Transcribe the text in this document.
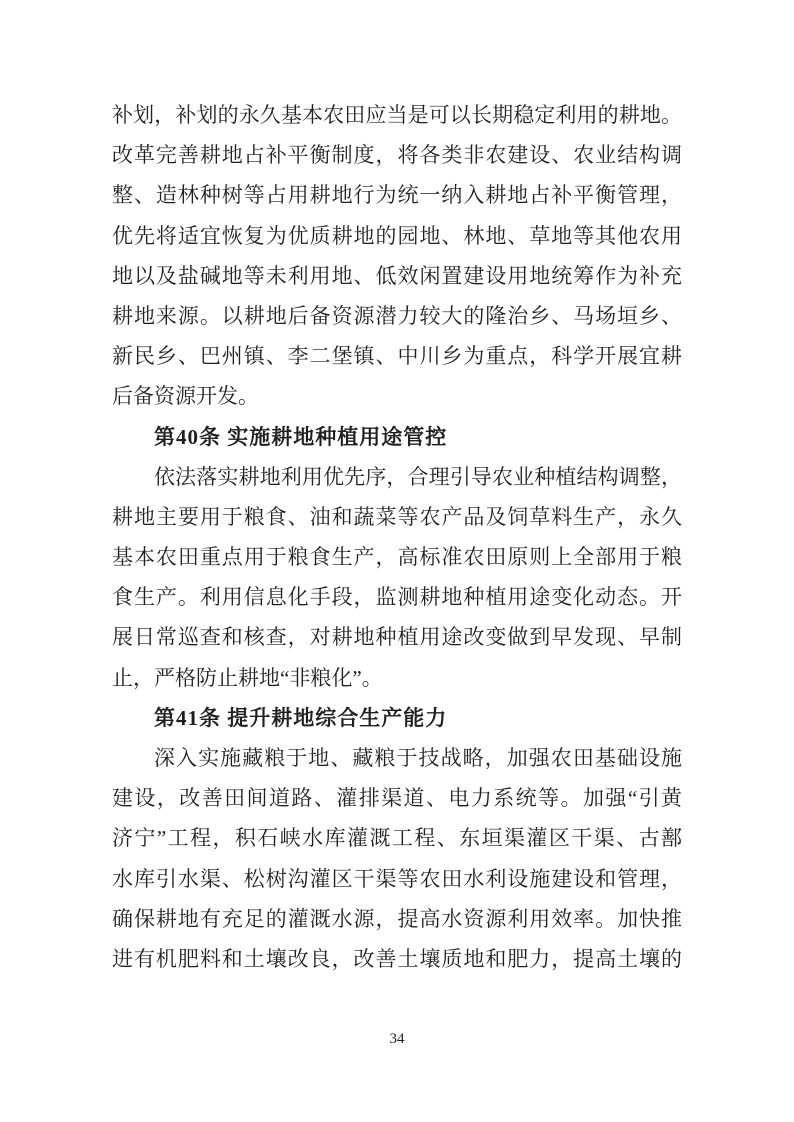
补划，补划的永久基本农田应当是可以长期稳定利用的耕地。
改革完善耕地占补平衡制度，将各类非农建设、农业结构调
整、造林种树等占用耕地行为统一纳入耕地占补平衡管理，
优先将适宜恢复为优质耕地的园地、林地、草地等其他农用
地以及盐碱地等未利用地、低效闲置建设用地统筹作为补充
耕地来源。以耕地后备资源潜力较大的隆治乡、马场垣乡、
新民乡、巴州镇、李二堡镇、中川乡为重点，科学开展宜耕
后备资源开发。
第40条 实施耕地种植用途管控
依法落实耕地利用优先序，合理引导农业种植结构调整，
耕地主要用于粮食、油和蔬菜等农产品及饲草料生产，永久
基本农田重点用于粮食生产，高标准农田原则上全部用于粮
食生产。利用信息化手段，监测耕地种植用途变化动态。开
展日常巡查和核查，对耕地种植用途改变做到早发现、早制
止，严格防止耕地“非粮化”。
第41条 提升耕地综合生产能力
深入实施藏粮于地、藏粮于技战略，加强农田基础设施
建设，改善田间道路、灌排渠道、电力系统等。加强“引黄
济宁”工程，积石峡水库灌溉工程、东垣渠灌区干渠、古鄯
水库引水渠、松树沟灌区干渠等农田水利设施建设和管理，
确保耕地有充足的灌溉水源，提高水资源利用效率。加快推
进有机肥料和土壤改良，改善土壤质地和肥力，提高土壤的
34
